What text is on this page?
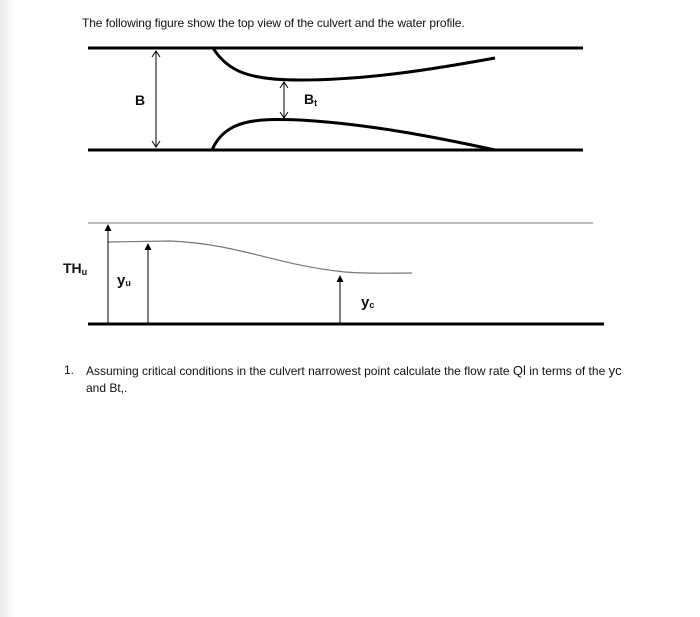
The following figure show the top view of the culvert and the water profile.
B	Bt
THu yu
yc
1. Assuming critical conditions in the culvert narrowest point calculate the flow rate Ql in terms of the yc
and Bt,.
